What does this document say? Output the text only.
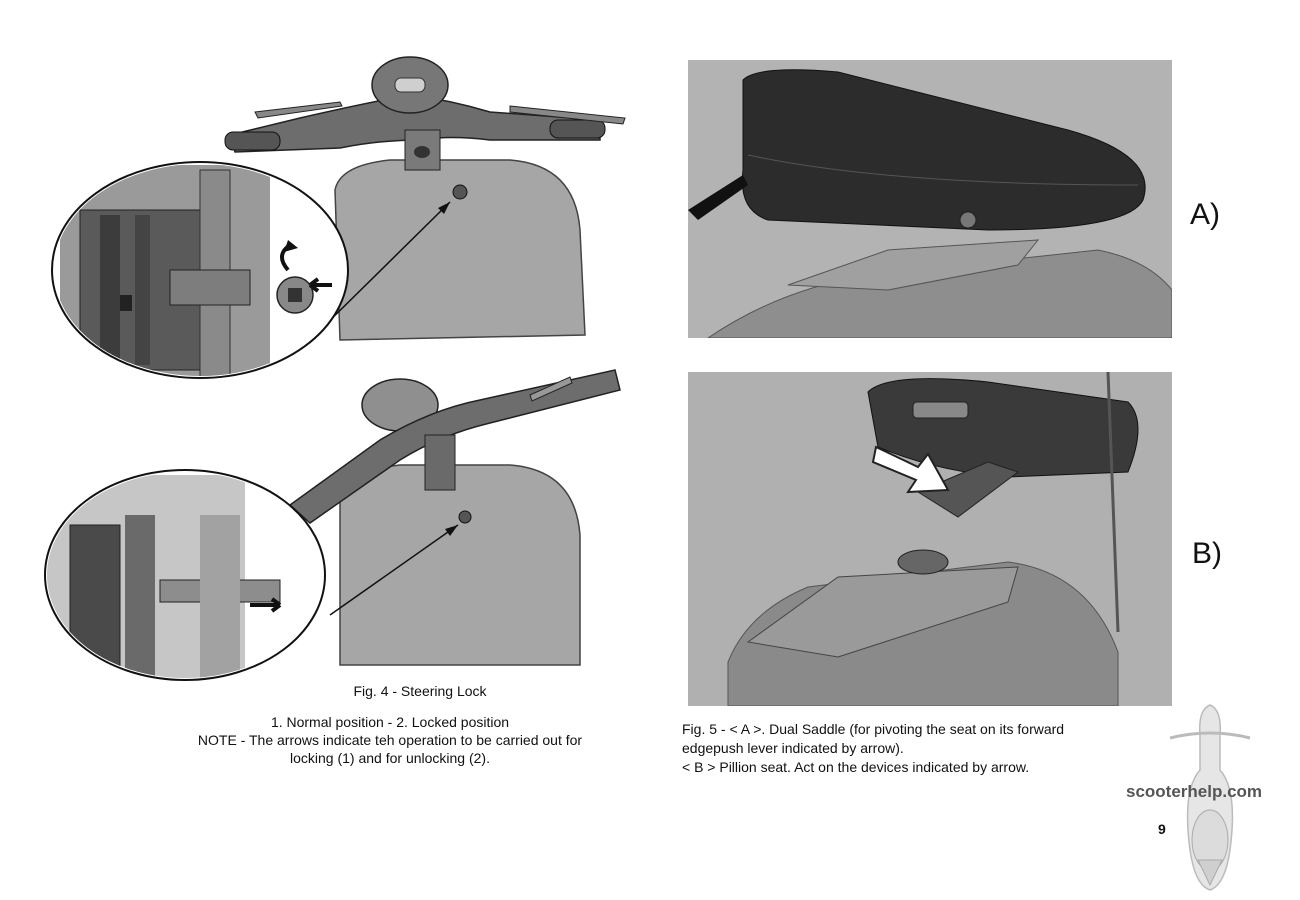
Fig. 4 - Steering Lock
1. Normal position - 2. Locked position
NOTE - The arrows indicate teh operation to be carried out for
locking (1) and for unlocking (2).
A)
B)
Fig. 5 - < A >. Dual Saddle (for pivoting the seat on its forward
edgepush lever indicated by arrow).
< B > Pillion seat. Act on the devices indicated by arrow.
scooterhelp.com
9
